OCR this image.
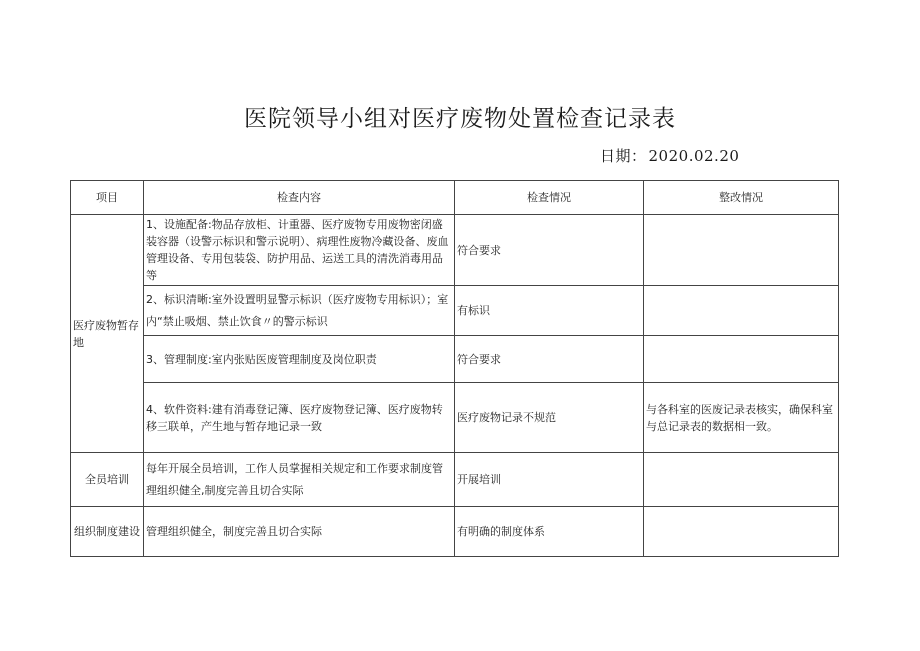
医院领导小组对医疗废物处置检查记录表
日期： 2020.02.20
项目	检查内容	检查情况	整改情况
医疗废物暂存地	1、设施配备:物品存放柜、计重器、医疗废物专用废物密闭盛装容器（设警示标识和警示说明）、病理性废物冷藏设备、废血管理设备、专用包装袋、防护用品、运送工具的清洗消毒用品等	符合要求	
	2、标识清晰:室外设置明显警示标识（医疗废物专用标识）；室内“禁止吸烟、禁止饮食〃的警示标识	有标识	
	3、管理制度:室内张贴医废管理制度及岗位职责	符合要求	
	4、软件资料:建有消毒登记簿、医疗废物登记簿、医疗废物转移三联单，产生地与暂存地记录一致	医疗废物记录不规范	与各科室的医废记录表核实，确保科室与总记录表的数据相一致。
全员培训	每年开展全员培训，工作人员掌握相关规定和工作要求制度管理组织健全,制度完善且切合实际	开展培训	
组织制度建设	管理组织健全，制度完善且切合实际	有明确的制度体系	
